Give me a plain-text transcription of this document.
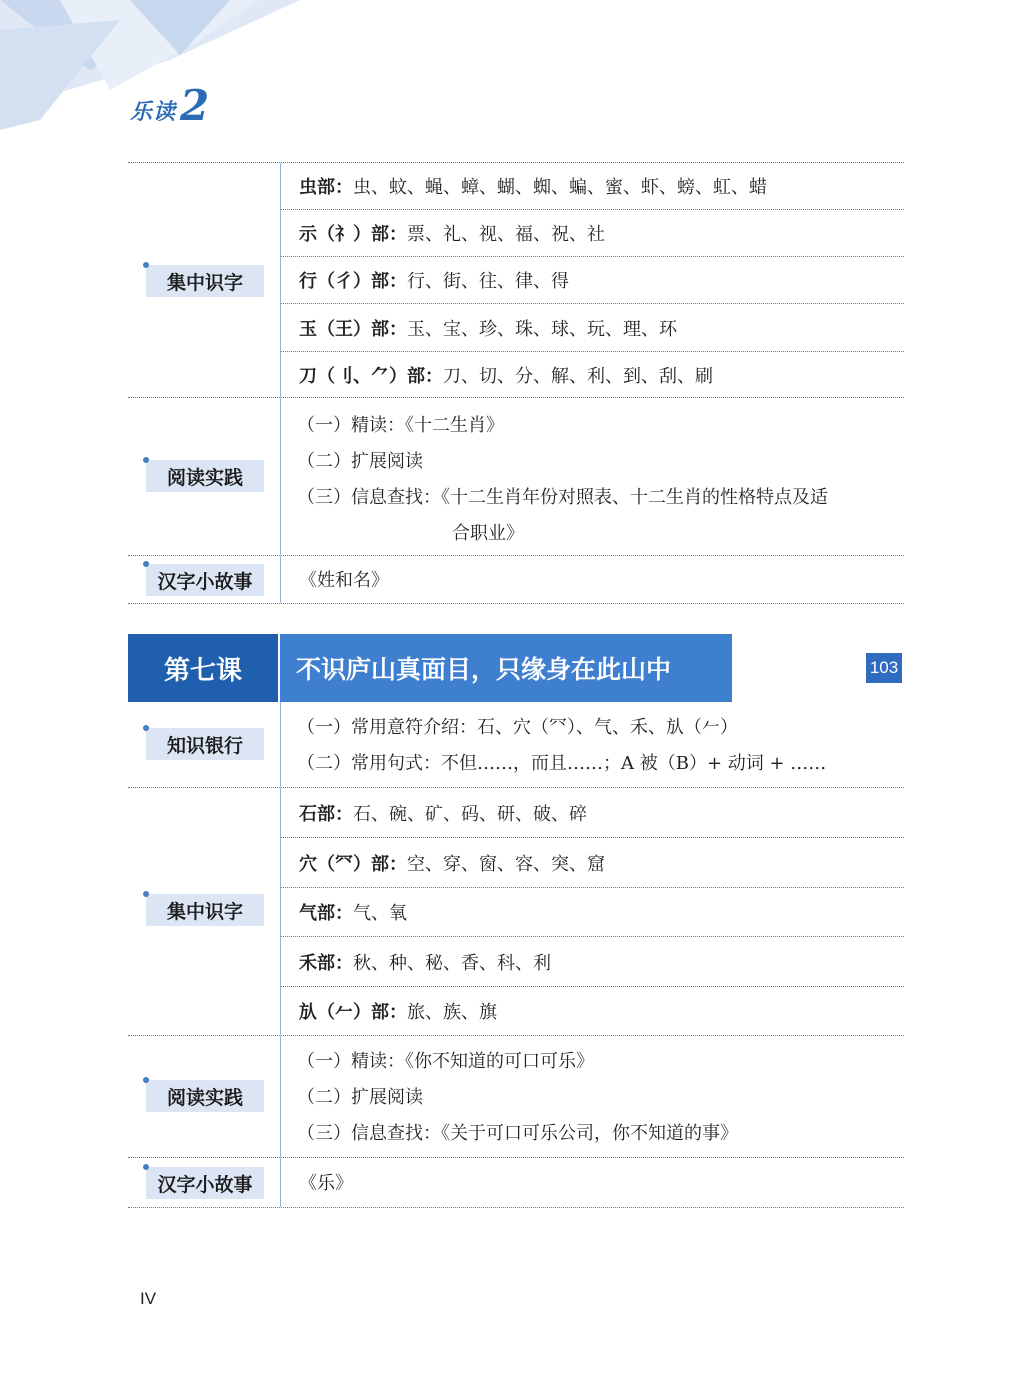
乐读 2
集中识字
虫部： 虫、蚊、蝇、蟑、蝴、蜘、蝙、蜜、虾、螃、虹、蜡
示（礻）部： 票、礼、视、福、祝、社
行（彳）部： 行、街、往、律、得
玉（王）部： 玉、宝、珍、珠、球、玩、理、环
刀（刂、⺈）部： 刀、切、分、解、利、到、刮、刷
阅读实践
（一）精读：《十二生肖》
（二）扩展阅读
（三）信息查找：《十二生肖年份对照表、十二生肖的性格特点及适
合职业》
汉字小故事	《姓和名》
第七课	不识庐山真面目，只缘身在此山中	103
知识银行
（一）常用意符介绍：石、穴（⺳）、气、禾、㫃（𠂉）
（二）常用句式：不但……，而且……；A 被（B）+ 动词 + ……
集中识字
石部： 石、碗、矿、码、研、破、碎
穴（⺳）部： 空、穿、窗、容、突、窟
气部： 气、氧
禾部： 秋、种、秘、香、科、利
㫃（𠂉）部： 旅、族、旗
阅读实践
（一）精读：《你不知道的可口可乐》
（二）扩展阅读
（三）信息查找：《关于可口可乐公司，你不知道的事》
汉字小故事	《乐》
IV
